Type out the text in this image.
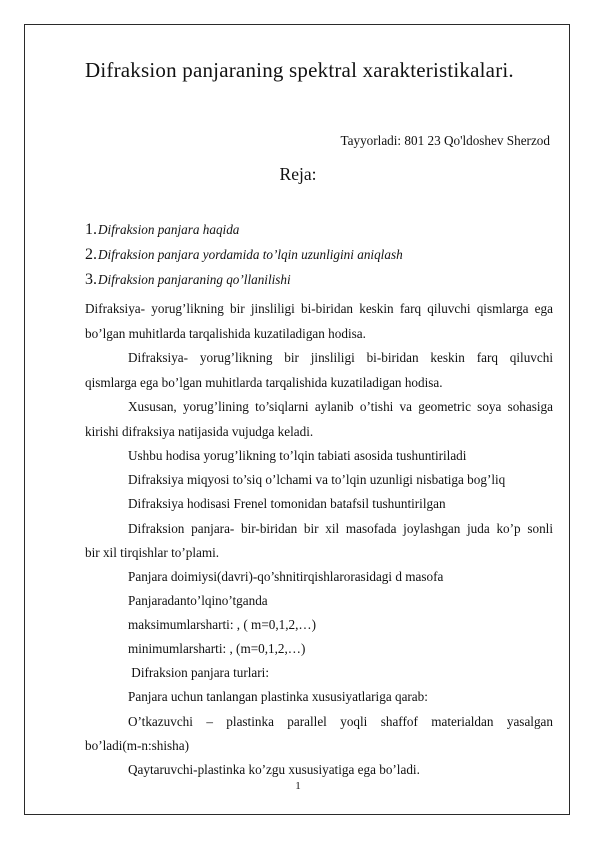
Difraksion panjaraning spektral xarakteristikalari.
Tayyorladi: 801 23 Qo'ldoshev Sherzod
Reja:
1.Difraksion panjara haqida
2.Difraksion panjara yordamida to’lqin uzunligini aniqlash
3.Difraksion panjaraning qo’llanilishi
Difraksiya- yorug’likning bir jinsliligi bi-biridan keskin farq qiluvchi qismlarga ega
bo’lgan muhitlarda tarqalishida kuzatiladigan hodisa.
Difraksiya- yorug’likning bir jinsliligi bi-biridan keskin farq qiluvchi
qismlarga ega bo’lgan muhitlarda tarqalishida kuzatiladigan hodisa.
Xususan, yorug’lining to’siqlarni aylanib o’tishi va geometric soya sohasiga
kirishi difraksiya natijasida vujudga keladi.
Ushbu hodisa yorug’likning to’lqin tabiati asosida tushuntiriladi
Difraksiya miqyosi to’siq o’lchami va to’lqin uzunligi nisbatiga bog’liq
Difraksiya hodisasi Frenel tomonidan batafsil tushuntirilgan
Difraksion panjara- bir-biridan bir xil masofada joylashgan juda ko’p sonli
bir xil tirqishlar to’plami.
Panjara doimiysi(davri)-qo’shnitirqishlarorasidagi d masofa
Panjaradanto’lqino’tganda
maksimumlarsharti: , ( m=0,1,2,…)
minimumlarsharti: , (m=0,1,2,…)
Difraksion panjara turlari:
Panjara uchun tanlangan plastinka xususiyatlariga qarab:
O’tkazuvchi – plastinka parallel yoqli shaffof materialdan yasalgan
bo’ladi(m-n:shisha)
Qaytaruvchi-plastinka ko’zgu xususiyatiga ega bo’ladi.
1
